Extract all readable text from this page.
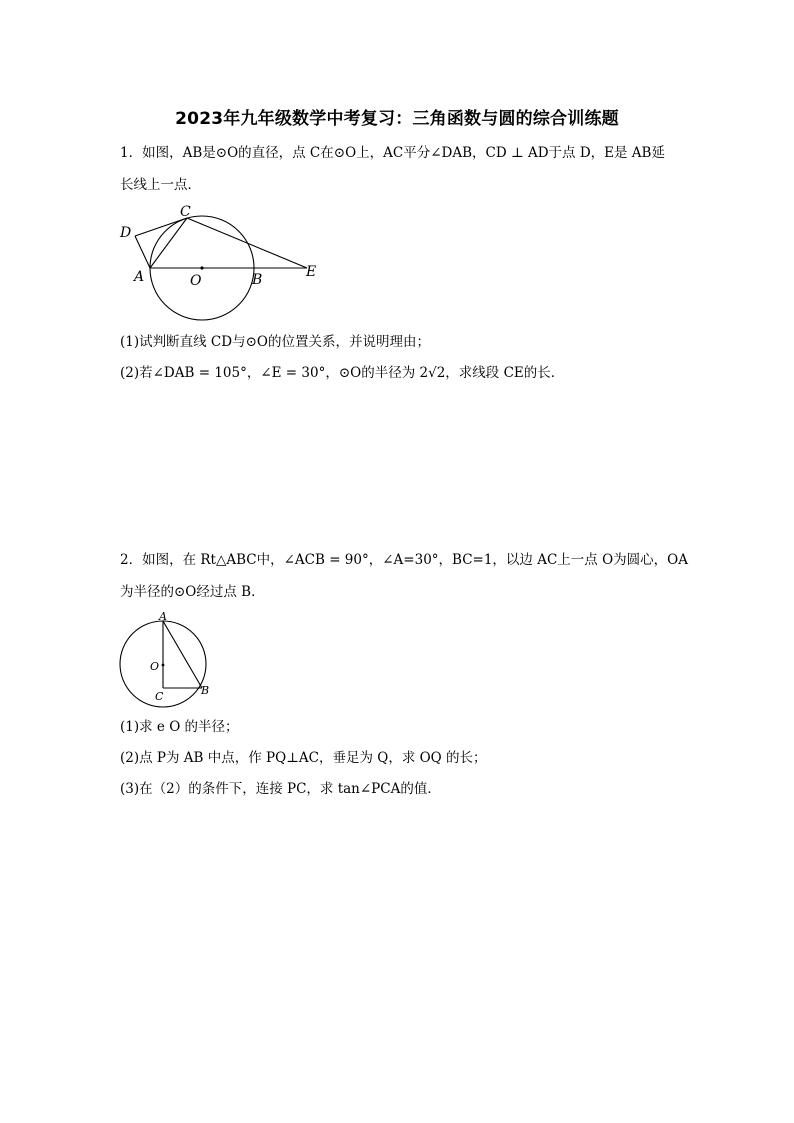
2023年九年级数学中考复习：三角函数与圆的综合训练题
1．如图，AB是⊙O的直径，点 C在⊙O上，AC平分∠DAB，CD ⊥ AD于点 D，E是 AB延
长线上一点．
D
C
A	O	B	E
(1)试判断直线 CD与⊙O的位置关系，并说明理由；
(2)若∠DAB = 105°，∠E = 30°，⊙O的半径为 2√2，求线段 CE的长．
2．如图，在 Rt△ABC中，∠ACB = 90°，∠A=30°，BC=1，以边 AC上一点 O为圆心，OA
为半径的⊙O经过点 B．
A
O
C	B
(1)求 e O 的半径；
(2)点 P为 AB 中点，作 PQ⊥AC，垂足为 Q，求 OQ 的长；
(3)在（2）的条件下，连接 PC，求 tan∠PCA的值．
